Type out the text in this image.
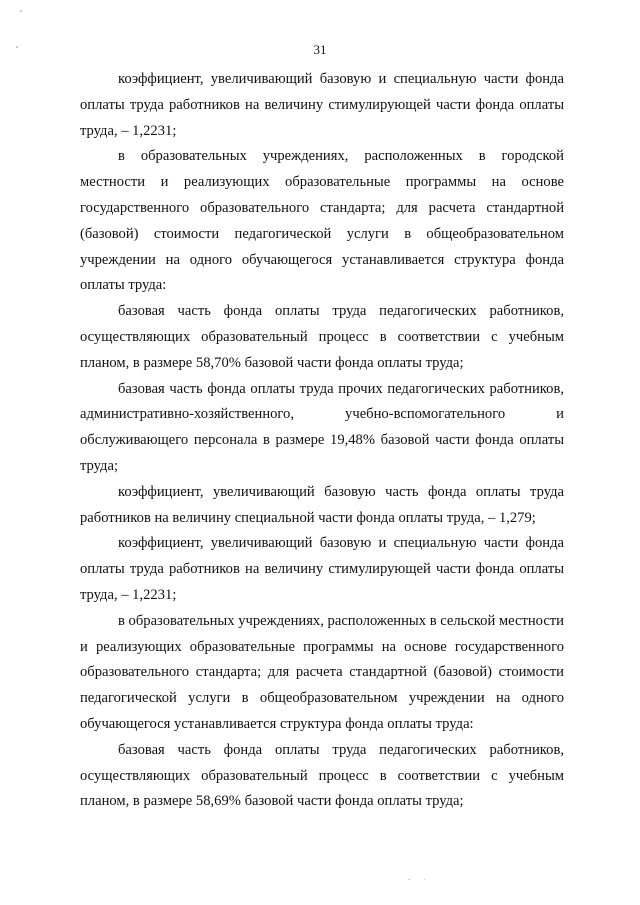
31

коэффициент, увеличивающий базовую и специальную части фонда оплаты труда работников на величину стимулирующей части фонда оплаты труда, – 1,2231;

в образовательных учреждениях, расположенных в городской местности и реализующих образовательные программы на основе государственного образовательного стандарта; для расчета стандартной (базовой) стоимости педагогической услуги в общеобразовательном учреждении на одного обучающегося устанавливается структура фонда оплаты труда:

базовая часть фонда оплаты труда педагогических работников, осуществляющих образовательный процесс в соответствии с учебным планом, в размере 58,70% базовой части фонда оплаты труда;

базовая часть фонда оплаты труда прочих педагогических работников, административно-хозяйственного, учебно-вспомогательного и обслуживающего персонала в размере 19,48% базовой части фонда оплаты труда;

коэффициент, увеличивающий базовую часть фонда оплаты труда работников на величину специальной части фонда оплаты труда, – 1,279;

коэффициент, увеличивающий базовую и специальную части фонда оплаты труда работников на величину стимулирующей части фонда оплаты труда, – 1,2231;

в образовательных учреждениях, расположенных в сельской местности и реализующих образовательные программы на основе государственного образовательного стандарта; для расчета стандартной (базовой) стоимости педагогической услуги в общеобразовательном учреждении на одного обучающегося устанавливается структура фонда оплаты труда:

базовая часть фонда оплаты труда педагогических работников, осуществляющих образовательный процесс в соответствии с учебным планом, в размере 58,69% базовой части фонда оплаты труда;
